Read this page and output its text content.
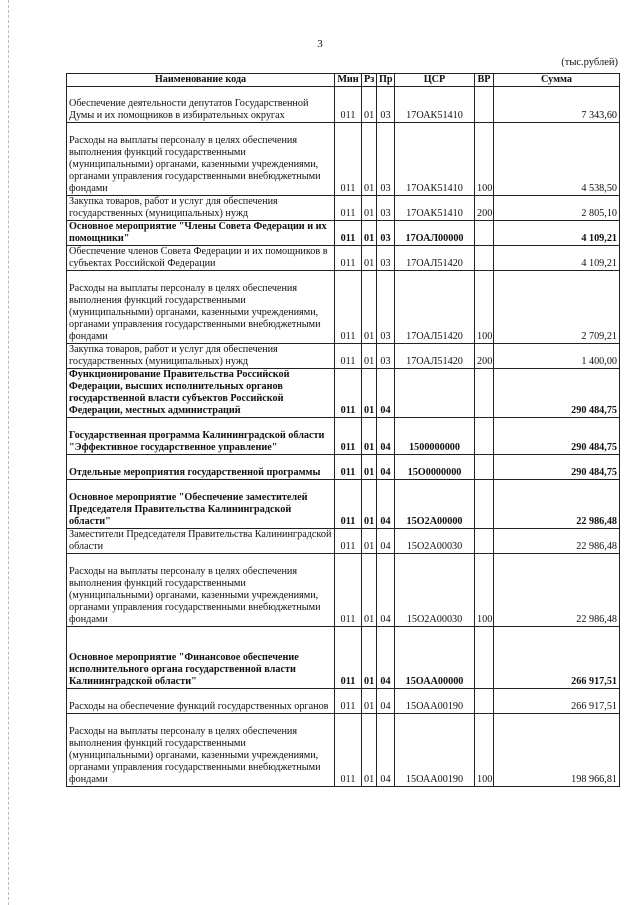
3
(тыс.рублей)
Наименование кода	Мин	Рз	Пр	ЦСР	ВР	Сумма
Обеспечение деятельности депутатов Государственной Думы и их помощников в избирательных округах	011	01	03	17ОАК51410		7 343,60
Расходы на выплаты персоналу в целях обеспечения выполнения функций государственными (муниципальными) органами, казенными учреждениями, органами управления государственными внебюджетными фондами	011	01	03	17ОАК51410	100	4 538,50
Закупка товаров, работ и услуг для обеспечения государственных (муниципальных) нужд	011	01	03	17ОАК51410	200	2 805,10
Основное мероприятие "Члены Совета Федерации и их помощники"	011	01	03	17ОАЛ00000		4 109,21
Обеспечение членов Совета Федерации и их помощников в субъектах Российской Федерации	011	01	03	17ОАЛ51420		4 109,21
Расходы на выплаты персоналу в целях обеспечения выполнения функций государственными (муниципальными) органами, казенными учреждениями, органами управления государственными внебюджетными фондами	011	01	03	17ОАЛ51420	100	2 709,21
Закупка товаров, работ и услуг для обеспечения государственных (муниципальных) нужд	011	01	03	17ОАЛ51420	200	1 400,00
Функционирование Правительства Российской Федерации, высших исполнительных органов государственной власти субъектов Российской Федерации, местных администраций	011	01	04			290 484,75
Государственная программа Калининградской области "Эффективное государственное управление"	011	01	04	1500000000		290 484,75
Отдельные мероприятия государственной программы	011	01	04	15О0000000		290 484,75
Основное мероприятие "Обеспечение заместителей Председателя Правительства Калининградской области"	011	01	04	15О2А00000		22 986,48
Заместители Председателя Правительства Калининградской области	011	01	04	15О2А00030		22 986,48
Расходы на выплаты персоналу в целях обеспечения выполнения функций государственными (муниципальными) органами, казенными учреждениями, органами управления государственными внебюджетными фондами	011	01	04	15О2А00030	100	22 986,48
Основное мероприятие "Финансовое обеспечение исполнительного органа государственной власти Калининградской области"	011	01	04	15ОАА00000		266 917,51
Расходы на обеспечение функций государственных органов	011	01	04	15ОАА00190		266 917,51
Расходы на выплаты персоналу в целях обеспечения выполнения функций государственными (муниципальными) органами, казенными учреждениями, органами управления государственными внебюджетными фондами	011	01	04	15ОАА00190	100	198 966,81
